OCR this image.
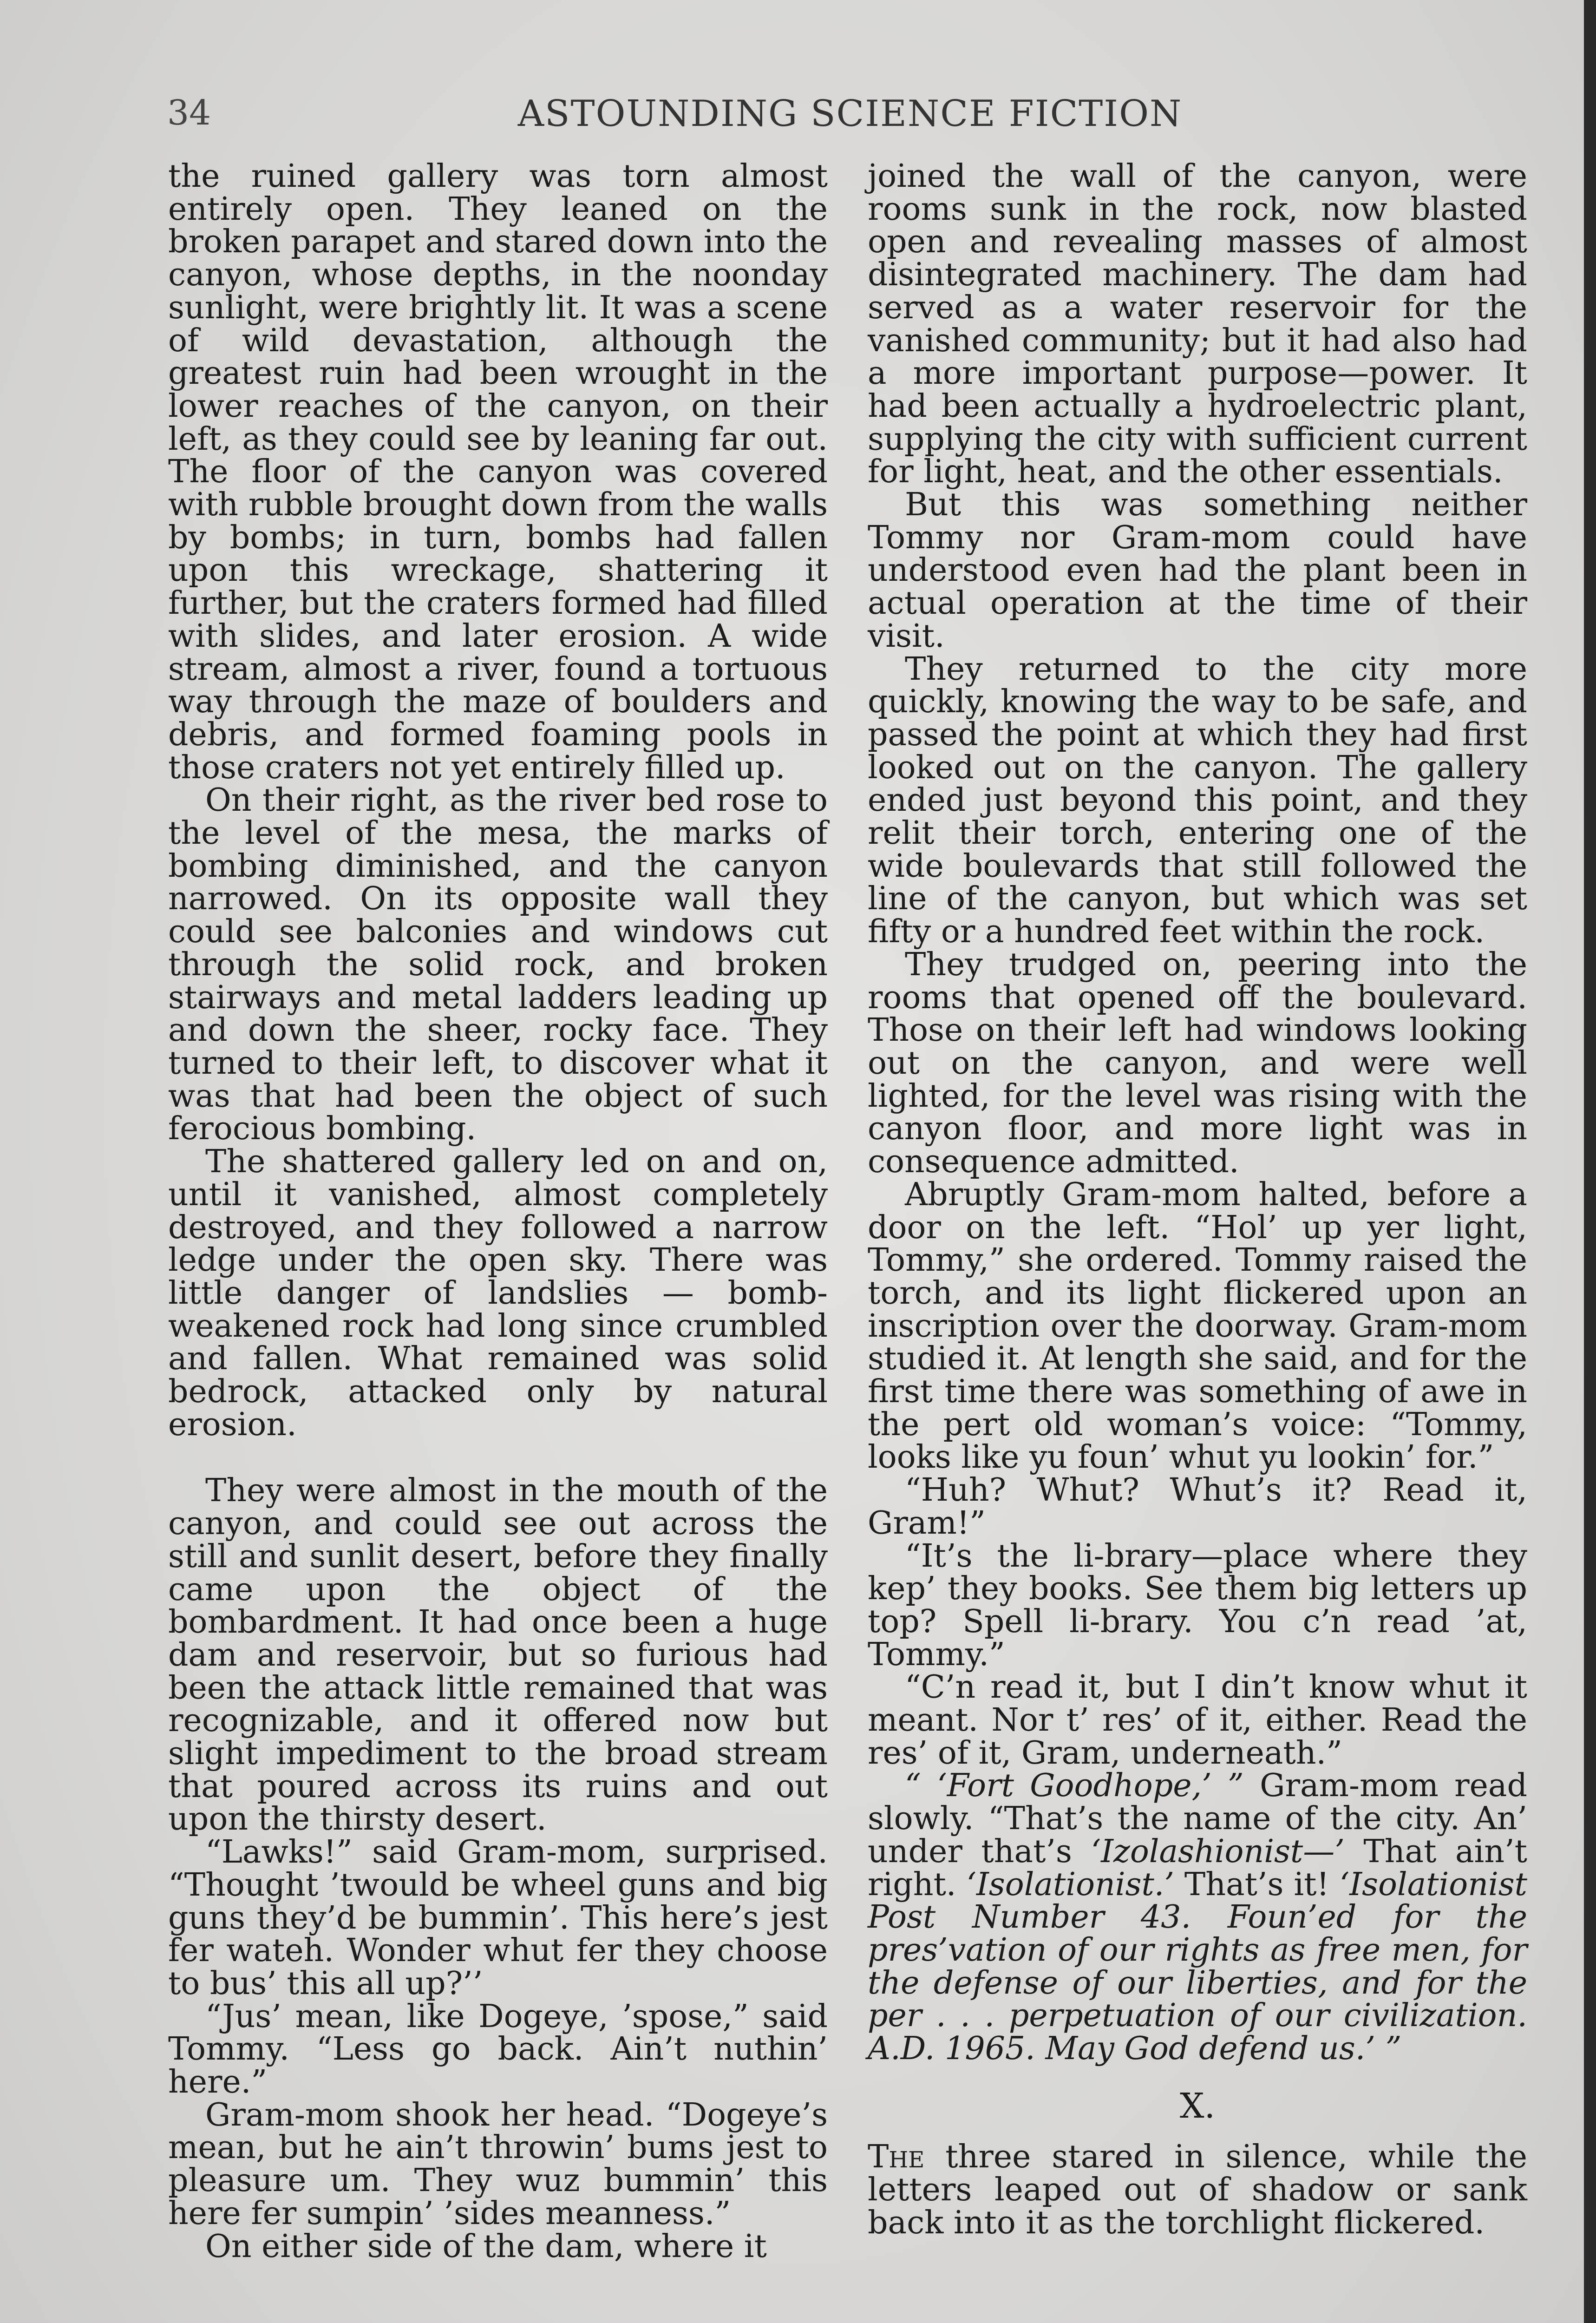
34	ASTOUNDING SCIENCE FICTION

the ruined gallery was torn almost entirely open. They leaned on the broken parapet and stared down into the canyon, whose depths, in the noonday sunlight, were brightly lit. It was a scene of wild devastation, although the greatest ruin had been wrought in the lower reaches of the canyon, on their left, as they could see by leaning far out. The floor of the canyon was covered with rubble brought down from the walls by bombs; in turn, bombs had fallen upon this wreckage, shattering it further, but the craters formed had filled with slides, and later erosion. A wide stream, almost a river, found a tortuous way through the maze of boulders and debris, and formed foaming pools in those craters not yet entirely filled up.

On their right, as the river bed rose to the level of the mesa, the marks of bombing diminished, and the canyon narrowed. On its opposite wall they could see balconies and windows cut through the solid rock, and broken stairways and metal ladders leading up and down the sheer, rocky face. They turned to their left, to discover what it was that had been the object of such ferocious bombing.

The shattered gallery led on and on, until it vanished, almost completely destroyed, and they followed a narrow ledge under the open sky. There was little danger of landslies — bomb-weakened rock had long since crumbled and fallen. What remained was solid bedrock, attacked only by natural erosion.

They were almost in the mouth of the canyon, and could see out across the still and sunlit desert, before they finally came upon the object of the bombardment. It had once been a huge dam and reservoir, but so furious had been the attack little remained that was recognizable, and it offered now but slight impediment to the broad stream that poured across its ruins and out upon the thirsty desert.

“Lawks!” said Gram-mom, surprised. “Thought ’twould be wheel guns and big guns they’d be bummin’. This here’s jest fer wateh. Wonder whut fer they choose to bus’ this all up?’’

“Jus’ mean, like Dogeye, ’spose,” said Tommy. “Less go back. Ain’t nuthin’ here.”

Gram-mom shook her head. “Dogeye’s mean, but he ain’t throwin’ bums jest to pleasure um. They wuz bummin’ this here fer sumpin’ ’sides meanness.”

On either side of the dam, where it

joined the wall of the canyon, were rooms sunk in the rock, now blasted open and revealing masses of almost disintegrated machinery. The dam had served as a water reservoir for the vanished community; but it had also had a more important purpose—power. It had been actually a hydroelectric plant, supplying the city with sufficient current for light, heat, and the other essentials.

But this was something neither Tommy nor Gram-mom could have understood even had the plant been in actual operation at the time of their visit.

They returned to the city more quickly, knowing the way to be safe, and passed the point at which they had first looked out on the canyon. The gallery ended just beyond this point, and they relit their torch, entering one of the wide boulevards that still followed the line of the canyon, but which was set fifty or a hundred feet within the rock.

They trudged on, peering into the rooms that opened off the boulevard. Those on their left had windows looking out on the canyon, and were well lighted, for the level was rising with the canyon floor, and more light was in consequence admitted.

Abruptly Gram-mom halted, before a door on the left. “Hol’ up yer light, Tommy,” she ordered. Tommy raised the torch, and its light flickered upon an inscription over the doorway. Gram-mom studied it. At length she said, and for the first time there was something of awe in the pert old woman’s voice: “Tommy, looks like yu foun’ whut yu lookin’ for.”

“Huh? Whut? Whut’s it? Read it, Gram!”

“It’s the li-brary—place where they kep’ they books. See them big letters up top? Spell li-brary. You c’n read ’at, Tommy.”

“C’n read it, but I din’t know whut it meant. Nor t’ res’ of it, either. Read the res’ of it, Gram, underneath.”

“ ‘Fort Goodhope,’ ” Gram-mom read slowly. “That’s the name of the city. An’ under that’s ‘Izolashionist—’ That ain’t right. ‘Isolationist.’ That’s it! ‘Isolationist Post Number 43. Foun’ed for the pres’vation of our rights as free men, for the defense of our liberties, and for the per . . . perpetuation of our civilization. A.D. 1965. May God defend us.’ ”

X.

The three stared in silence, while the letters leaped out of shadow or sank back into it as the torchlight flickered.
